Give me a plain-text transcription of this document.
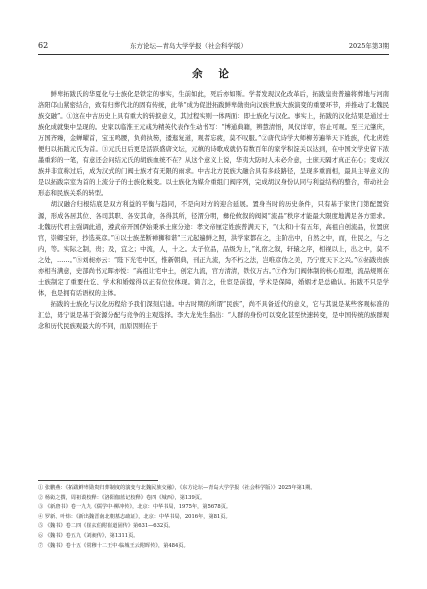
62	东方论坛—青岛大学学报（社会科学版）	2025年第3期
余 论

鲜卑拓跋氏的华夏化与士族化是铁定的事实，生前如此，死后亦如斯。学者发现汉化改革后，拓跋皇贵普遍将葬地与河南洛阳邙山紧密结合，致有归葬代北的固有传统，此举“成为促进拓跋鲜卑勋贵向汉族世族大族演变的重要环节，并推动了北魏民族交融”。①这在中古历史上具有重大的转捩意义，其过程实则一体两面：即士族化与汉化。事实上，拓跋的汉化结果是通过士族化成就集中呈现的。史家以临淮王元彧为精英代表作生动书写：“博通典籍，辨慧清悟，风仪详审，容止可观。至三元肇庆，万国齐臻，金蝉曜首，宝玉鸣腰，负荷执笏，逶迤复道，观者忘疲，莫不叹服。”②唐代诗学大师柳芳遍举天下姓族，代北虏姓便归以拓跋元氏为首。③元氏日后更是活跃盛唐文坛，元稹的诗歌成就仍有数百年的家学积淀关以达到，在中国文学史留下浓墨重彩的一笔，有意还会问结元氏的胡族血统不在？从这个意义上说，华夷大防时人未必介意，士庶天隔才真正在心；变成汉族并非宣称过后，成为汉式的门阀士族才有无限的雨求。中古北方民族大融合具有多歧路径，呈现多重面相，最具主导意义的是以拓跋宗室为首的上流分子的士族化蜕变。以士族化为媒介重组门阀序列，完成胡汉身份认同与利益结构的整合，带动社会形态和民族关系的转型。

胡汉融合归根结底是双方利益的平衡与趋同，不是向对方的迎合延展。置身当时的历史条件，只有基于家世门第配置资源，形成各居其位、各司其职、各安其命，各得其所，径渭分明，彝伦攸叙的阀阅“流品”秩序才能最大限度地满足各方需求。北魏历代君主强调此道，遵武帝开国伊始秉承士庶分途：孝文帝厘定姓族普满天下，“(太和)十有五年，高祖自创流品，位置庶官，崇卿宝轩，抄选英彦。”④以士族垄断禅狮和谐“三元起遍鲜之照，洪学家都在之，主阶出中，自然之中，而，仕民之，与之内，等。实际之制，贵；及，宜之；中流，人，十之。太子位品，品级为上，”礼宿之叙，轩辕之序，相视以上，出之中，莫不之处，……。”⑤刘昶亦云：“陛下光宅中区，惟新朝典，刊正九流，为不朽之法，岂唯彦伪之美，乃宁度天下之兴。”⑥拓跋贵族亦相当满意，史部尚书元晖亦悦：“高祖让宅中土，创定九流，官方清清，铁仪万古。”⑦作为门阀体制的核心原理，流品规则在士族制定了重要仕讫、学术和婚嫁得以正有位位体现。简言之，仕宦是前提，学术是保障，婚姻才是总确认。拓跋不只是学体，也是拥有话语权的主体。

拓跋的士族化与汉化历程给予我们深刻启迪。中古时期的所谓“民族”，尚不具备近代的意义，它与其说是某些客观标准的汇总，毋宁说是基于资源分配与竞争的主观选择。李大龙先生指出：“人群的身份可以变化甚至快速转变，是中国传统的族群观念和历代民族观最大的不同，而原因则在于

① 张鹏燕：《拓跋鲜卑勋贵归葬制度的演变与北魏民族交融》，《东方论坛—青岛大学学报（社会科学版）》2025年第1期。
② 杨衒之撰，周祖谟校释：《洛阳伽蓝记校释》卷四《城西》，第139页。
③ 《新唐书》卷一九九《儒学中·柳冲传》，北京：中华书局，1975年，第5678页。
④ 罗新、叶炜：《新出魏晋南北朝墓志疏证》，北京：中华书局，2016年，第81页。
⑤ 《魏书》卷二四《崔玄伯附崔道固传》第631—632页。
⑥ 《魏书》卷五九《刘昶传》，第1311页。
⑦ 《魏书》卷十五《常穆十二王中·临城王云附晖传》，第484页。
